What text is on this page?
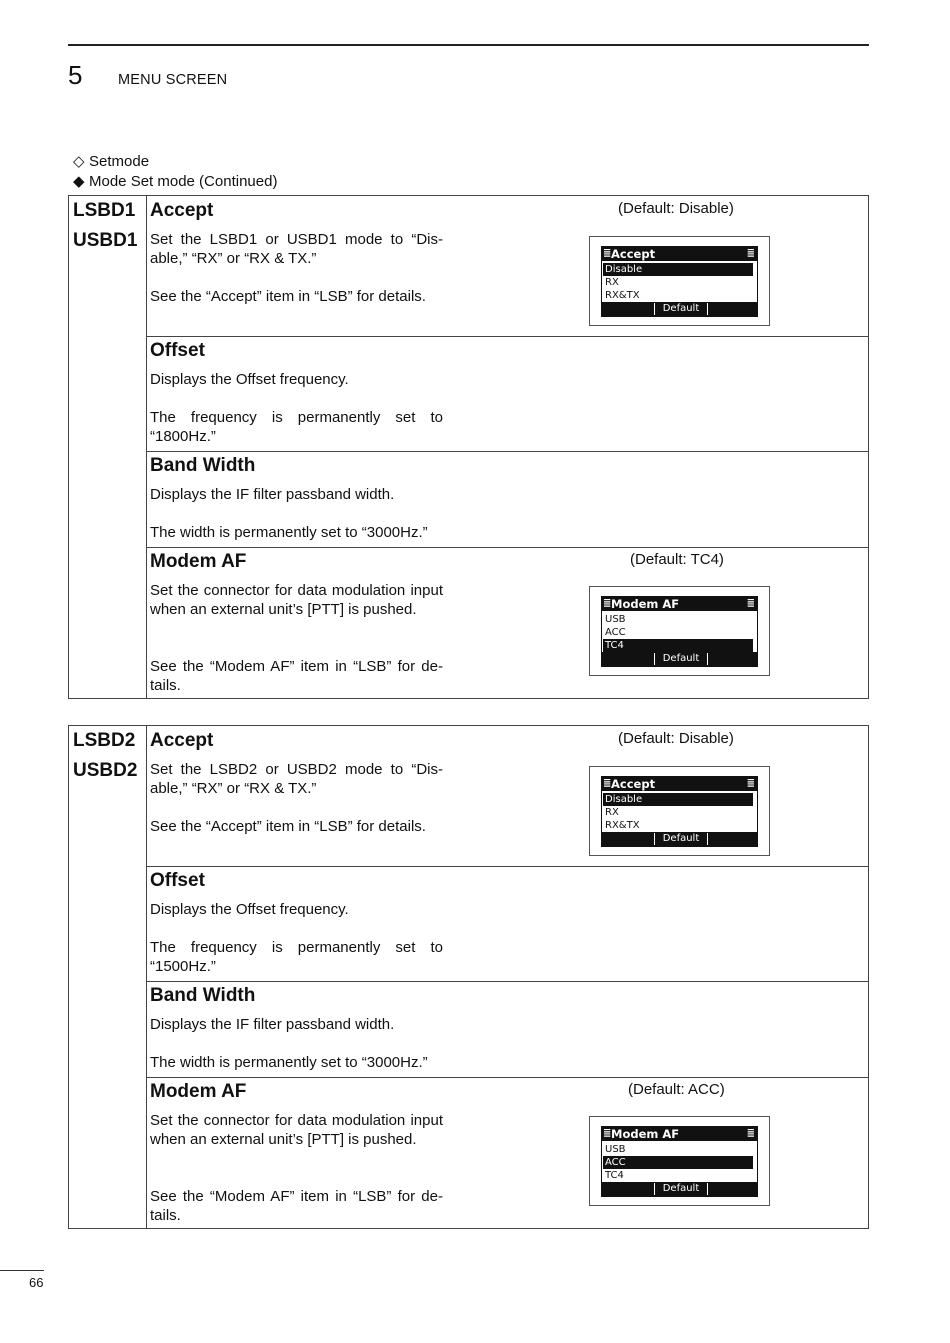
5 MENU SCREEN
◇ Setmode
◆ Mode Set mode (Continued)
LSBD1
USBD1
Accept	(Default: Disable)
Set the LSBD1 or USBD1 mode to “Dis-able,” “RX” or “RX & TX.”
See the “Accept” item in “LSB” for details.
≣ Accept	≣
Disable
RX
RX&TX
Default
Offset
Displays the Offset frequency.
The frequency is permanently set to “1800Hz.”
Band Width
Displays the IF filter passband width.
The width is permanently set to “3000Hz.”
Modem AF	(Default: TC4)
Set the connector for data modulation input when an external unit’s [PTT] is pushed.
See the “Modem AF” item in “LSB” for de-tails.
≣ Modem AF	≣
USB
ACC
TC4
Default
LSBD2
USBD2
Accept	(Default: Disable)
Set the LSBD2 or USBD2 mode to “Dis-able,” “RX” or “RX & TX.”
See the “Accept” item in “LSB” for details.
≣ Accept	≣
Disable
RX
RX&TX
Default
Offset
Displays the Offset frequency.
The frequency is permanently set to “1500Hz.”
Band Width
Displays the IF filter passband width.
The width is permanently set to “3000Hz.”
Modem AF	(Default: ACC)
Set the connector for data modulation input when an external unit’s [PTT] is pushed.
See the “Modem AF” item in “LSB” for de-tails.
≣ Modem AF	≣
USB
ACC
TC4
Default
66
